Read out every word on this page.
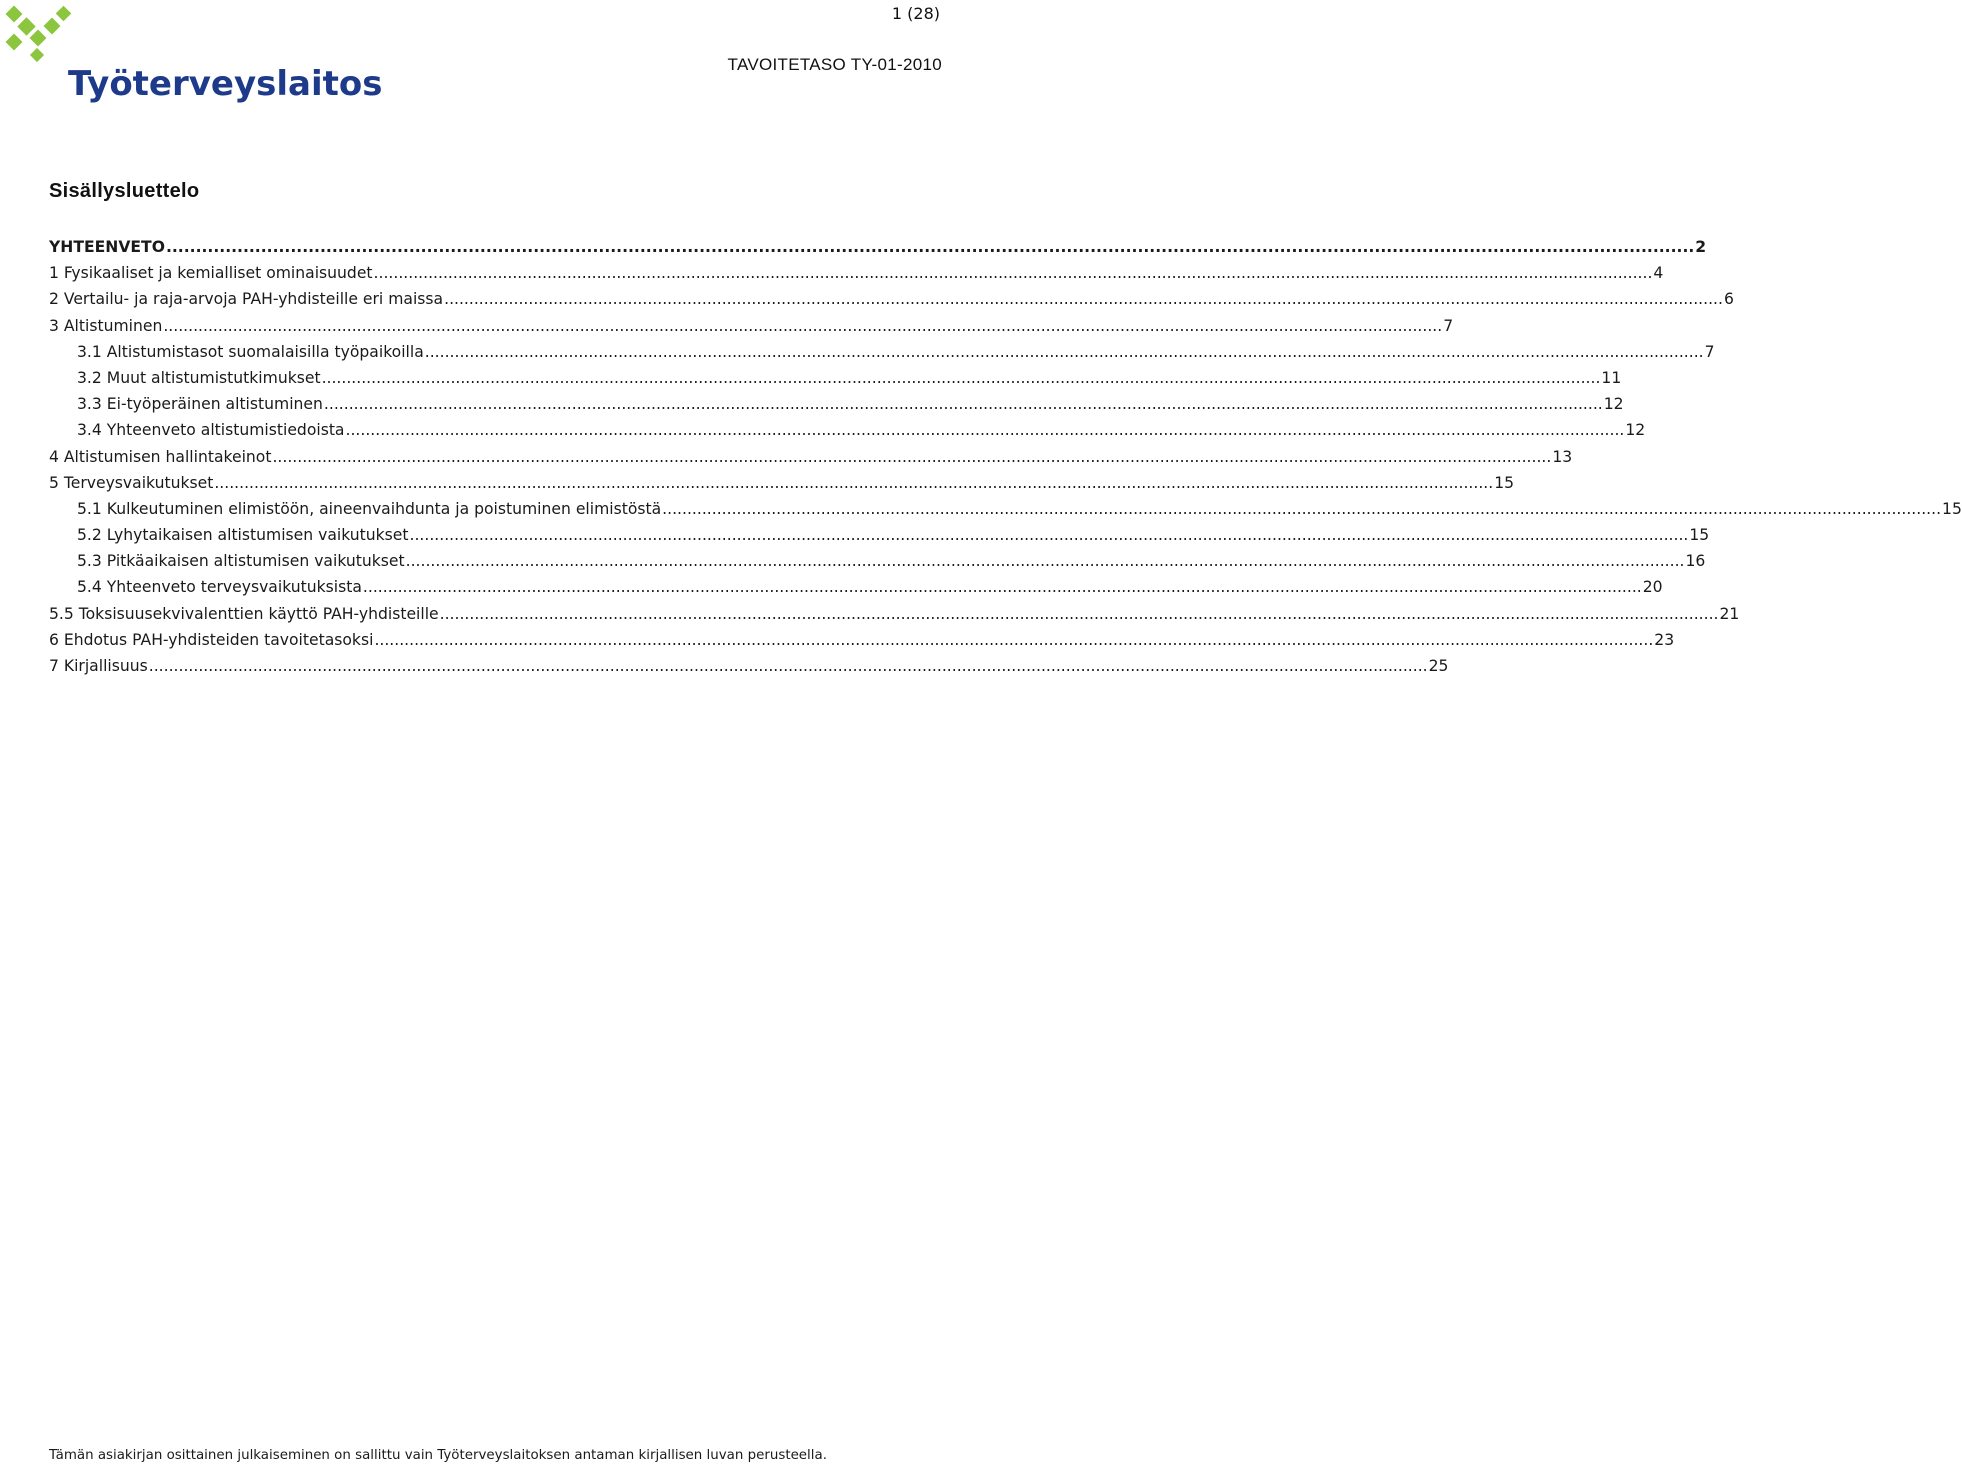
Työterveyslaitos
1 (28)
TAVOITETASO TY-01-2010
Sisällysluettelo
YHTEENVETO .....	2
1 Fysikaaliset ja kemialliset ominaisuudet .....	4
2 Vertailu- ja raja-arvoja PAH-yhdisteille eri maissa .....	6
3 Altistuminen .....	7
3.1 Altistumistasot suomalaisilla työpaikoilla .....	7
3.2 Muut altistumistutkimukset .....	11
3.3 Ei-työperäinen altistuminen .....	12
3.4 Yhteenveto altistumistiedoista .....	12
4 Altistumisen hallintakeinot .....	13
5 Terveysvaikutukset .....	15
5.1 Kulkeutuminen elimistöön, aineenvaihdunta ja poistuminen elimistöstä .....	15
5.2 Lyhytaikaisen altistumisen vaikutukset .....	15
5.3 Pitkäaikaisen altistumisen vaikutukset .....	16
5.4 Yhteenveto terveysvaikutuksista .....	20
5.5 Toksisuusekvivalenttien käyttö PAH-yhdisteille .....	21
6 Ehdotus PAH-yhdisteiden tavoitetasoksi .....	23
7 Kirjallisuus .....	25
Tämän asiakirjan osittainen julkaiseminen on sallittu vain Työterveyslaitoksen antaman kirjallisen luvan perusteella.
